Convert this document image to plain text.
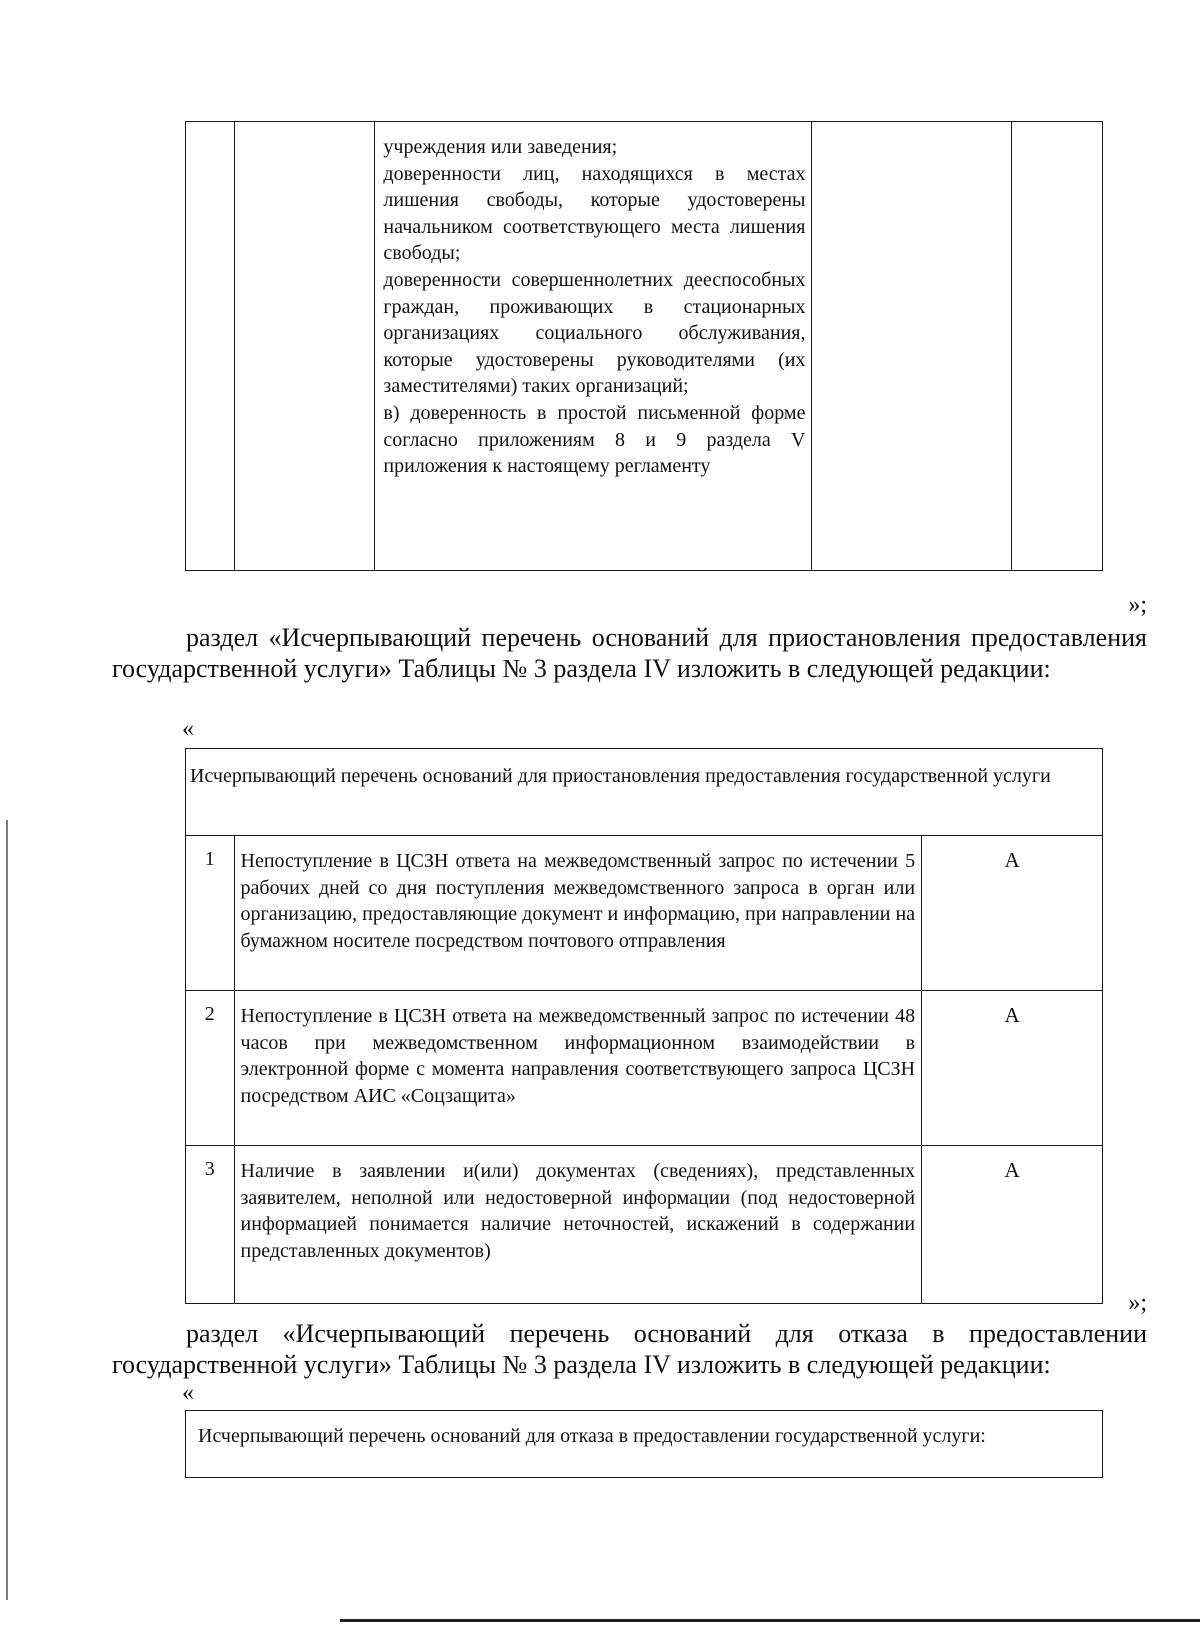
учреждения или заведения;

доверенности лиц, находящихся в местах лишения свободы, которые удостоверены начальником соответствующего места лишения свободы;

доверенности совершеннолетних дееспособных граждан, проживающих в стационарных организациях социального обслуживания, которые удостоверены руководителями (их заместителями) таких организаций;

в) доверенность в простой письменной форме согласно приложениям 8 и 9 раздела V приложения к настоящему регламенту

»;

раздел «Исчерпывающий перечень оснований для приостановления предоставления государственной услуги» Таблицы № 3 раздела IV изложить в следующей редакции:

«
Исчерпывающий перечень оснований для приостановления предоставления государственной услуги		
1	Непоступление в ЦСЗН ответа на межведомственный запрос по истечении 5 рабочих дней со дня поступления межведомственного запроса в орган или организацию, предоставляющие документ и информацию, при направлении на бумажном носителе посредством почтового отправления	А
2	Непоступление в ЦСЗН ответа на межведомственный запрос по истечении 48 часов при межведомственном информационном взаимодействии в электронной форме с момента направления соответствующего запроса ЦСЗН посредством АИС «Соцзащита»	А
3	Наличие в заявлении и(или) документах (сведениях), представленных заявителем, неполной или недостоверной информации (под недостоверной информацией понимается наличие неточностей, искажений в содержании представленных документов)	А
»;

раздел «Исчерпывающий перечень оснований для отказа в предоставлении государственной услуги» Таблицы № 3 раздела IV изложить в следующей редакции:

«
Исчерпывающий перечень оснований для отказа в предоставлении государственной услуги:
